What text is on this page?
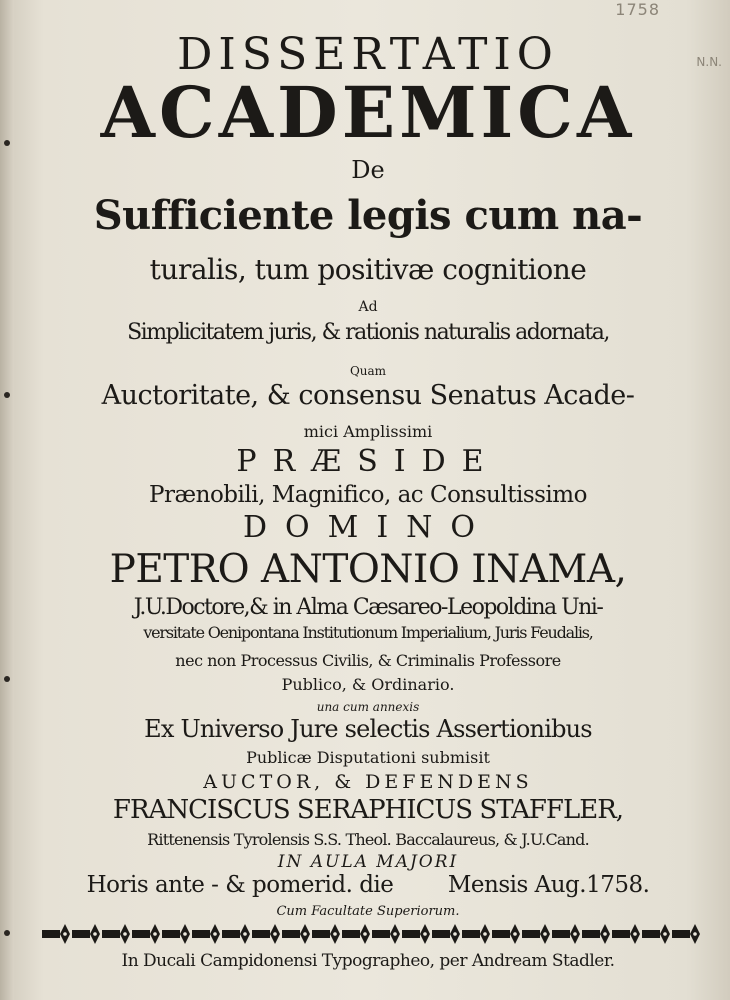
1758
N.N.
DISSERTATIO
ACADEMICA
De
Sufficiente legis cum na-
turalis, tum positivæ cognitione
Ad
Simplicitatem juris, & rationis naturalis adornata,
Quam
Auctoritate, & consensu Senatus Acade-
mici Amplissimi
PRÆSIDE
Prænobili, Magnifico, ac Consultissimo
DOMINO
PETRO ANTONIO INAMA,
J.U.Doctore,& in Alma Cæsareo-Leopoldina Uni-
versitate Oenipontana Institutionum Imperialium, Juris Feudalis,
nec non Processus Civilis, & Criminalis Professore
Publico, & Ordinario.
una cum annexis
Ex Universo Jure selectis Assertionibus
Publicæ Disputationi submisit
AUCTOR, & DEFENDENS
FRANCISCUS SERAPHICUS STAFFLER,
Rittenensis Tyrolensis S.S. Theol. Baccalaureus, & J.U.Cand.
IN AULA MAJORI
Horis ante - & pomerid. die        Mensis Aug.1758.
Cum Facultate Superiorum.
In Ducali Campidonensi Typographeo, per Andream Stadler.
